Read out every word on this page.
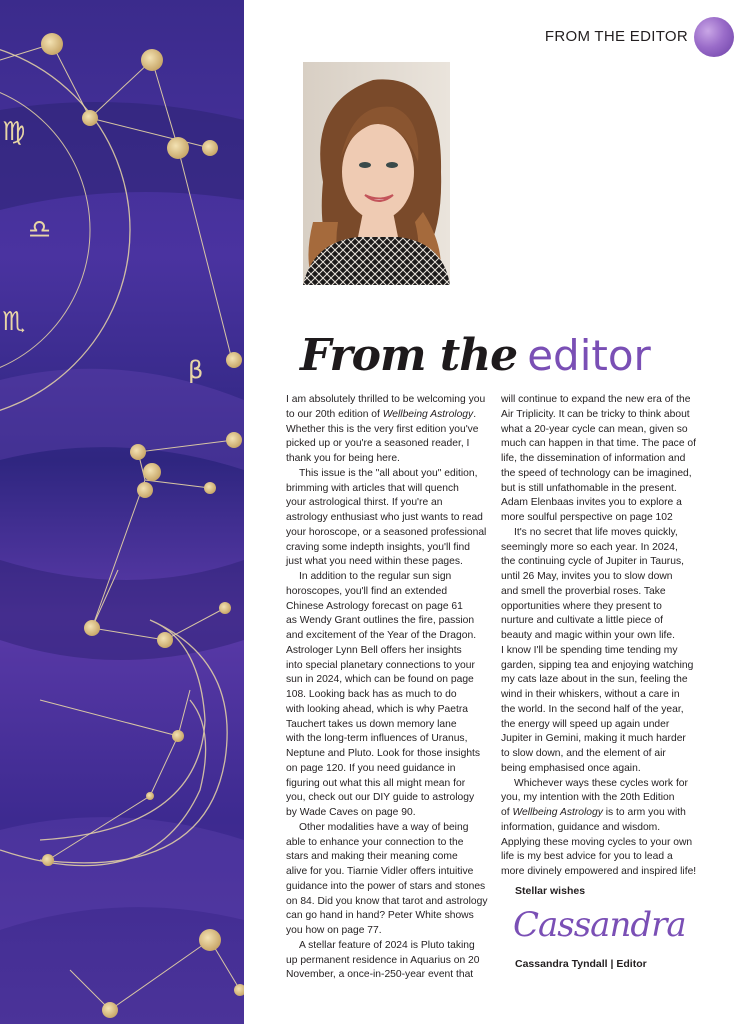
♍
♎
♏
β
FROM THE EDITOR
From the editor
I am absolutely thrilled to be welcoming you
to our 20th edition of Wellbeing Astrology.
Whether this is the very first edition you've
picked up or you're a seasoned reader, I
thank you for being here.
This issue is the "all about you" edition,
brimming with articles that will quench
your astrological thirst. If you're an
astrology enthusiast who just wants to read
your horoscope, or a seasoned professional
craving some indepth insights, you'll find
just what you need within these pages.
In addition to the regular sun sign
horoscopes, you'll find an extended
Chinese Astrology forecast on page 61
as Wendy Grant outlines the fire, passion
and excitement of the Year of the Dragon.
Astrologer Lynn Bell offers her insights
into special planetary connections to your
sun in 2024, which can be found on page
108. Looking back has as much to do
with looking ahead, which is why Paetra
Tauchert takes us down memory lane
with the long-term influences of Uranus,
Neptune and Pluto. Look for those insights
on page 120. If you need guidance in
figuring out what this all might mean for
you, check out our DIY guide to astrology
by Wade Caves on page 90.
Other modalities have a way of being
able to enhance your connection to the
stars and making their meaning come
alive for you. Tiarnie Vidler offers intuitive
guidance into the power of stars and stones
on 84. Did you know that tarot and astrology
can go hand in hand? Peter White shows
you how on page 77.
A stellar feature of 2024 is Pluto taking
up permanent residence in Aquarius on 20
November, a once-in-250-year event that
will continue to expand the new era of the
Air Triplicity. It can be tricky to think about
what a 20-year cycle can mean, given so
much can happen in that time. The pace of
life, the dissemination of information and
the speed of technology can be imagined,
but is still unfathomable in the present.
Adam Elenbaas invites you to explore a
more soulful perspective on page 102
It's no secret that life moves quickly,
seemingly more so each year. In 2024,
the continuing cycle of Jupiter in Taurus,
until 26 May, invites you to slow down
and smell the proverbial roses. Take
opportunities where they present to
nurture and cultivate a little piece of
beauty and magic within your own life.
I know I'll be spending time tending my
garden, sipping tea and enjoying watching
my cats laze about in the sun, feeling the
wind in their whiskers, without a care in
the world. In the second half of the year,
the energy will speed up again under
Jupiter in Gemini, making it much harder
to slow down, and the element of air
being emphasised once again.
Whichever ways these cycles work for
you, my intention with the 20th Edition
of Wellbeing Astrology is to arm you with
information, guidance and wisdom.
Applying these moving cycles to your own
life is my best advice for you to lead a
more divinely empowered and inspired life!
Stellar wishes
Cassandra
Cassandra Tyndall | Editor
